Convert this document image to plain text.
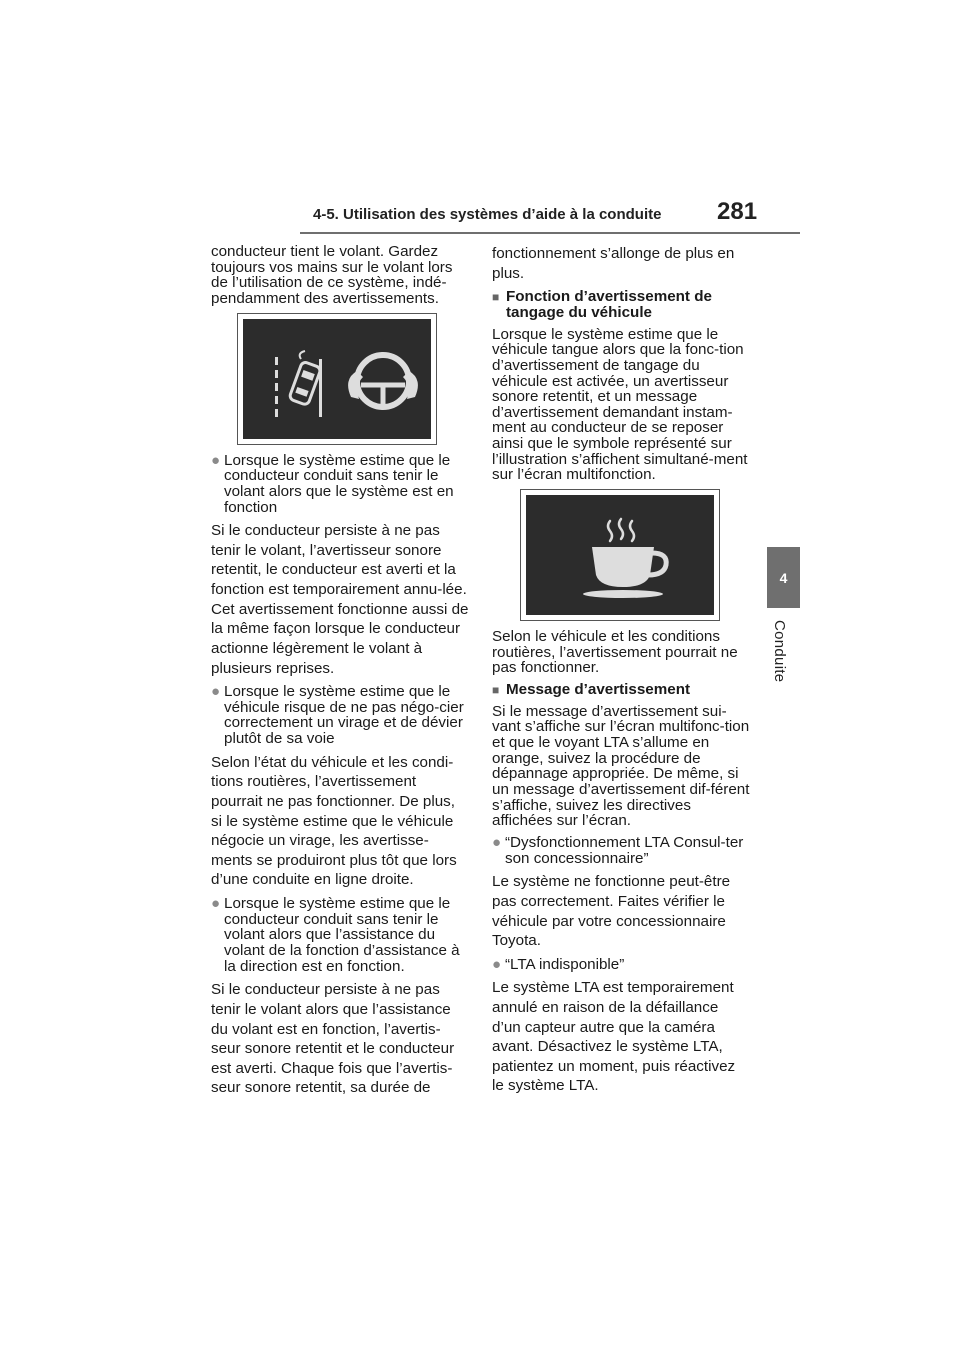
4-5. Utilisation des systèmes d’aide à la conduite 281
4
Conduite

conducteur tient le volant. Gardez toujours vos mains sur le volant lors de l’utilisation de ce système, indé-pendamment des avertissements.

● Lorsque le système estime que le conducteur conduit sans tenir le volant alors que le système est en fonction

Si le conducteur persiste à ne pas tenir le volant, l’avertisseur sonore retentit, le conducteur est averti et la fonction est temporairement annu-lée. Cet avertissement fonctionne aussi de la même façon lorsque le conducteur actionne légèrement le volant à plusieurs reprises.

● Lorsque le système estime que le véhicule risque de ne pas négo-cier correctement un virage et de dévier plutôt de sa voie

Selon l’état du véhicule et les condi-tions routières, l’avertissement pourrait ne pas fonctionner. De plus, si le système estime que le véhicule négocie un virage, les avertisse-ments se produiront plus tôt que lors d’une conduite en ligne droite.

● Lorsque le système estime que le conducteur conduit sans tenir le volant alors que l’assistance du volant de la fonction d’assistance à la direction est en fonction.

Si le conducteur persiste à ne pas tenir le volant alors que l’assistance du volant est en fonction, l’avertis-seur sonore retentit et le conducteur est averti. Chaque fois que l’avertis-seur sonore retentit, sa durée de

fonctionnement s’allonge de plus en plus.

■ Fonction d’avertissement de tangage du véhicule

Lorsque le système estime que le véhicule tangue alors que la fonc-tion d’avertissement de tangage du véhicule est activée, un avertisseur sonore retentit, et un message d’avertissement demandant instam-ment au conducteur de se reposer ainsi que le symbole représenté sur l’illustration s’affichent simultané-ment sur l’écran multifonction.

Selon le véhicule et les conditions routières, l’avertissement pourrait ne pas fonctionner.

■ Message d’avertissement

Si le message d’avertissement sui-vant s’affiche sur l’écran multifonc-tion et que le voyant LTA s’allume en orange, suivez la procédure de dépannage appropriée. De même, si un message d’avertissement dif-férent s’affiche, suivez les directives affichées sur l’écran.

● “Dysfonctionnement LTA Consul-ter son concessionnaire”

Le système ne fonctionne peut-être pas correctement. Faites vérifier le véhicule par votre concessionnaire Toyota.

● “LTA indisponible”

Le système LTA est temporairement annulé en raison de la défaillance d’un capteur autre que la caméra avant. Désactivez le système LTA, patientez un moment, puis réactivez le système LTA.
